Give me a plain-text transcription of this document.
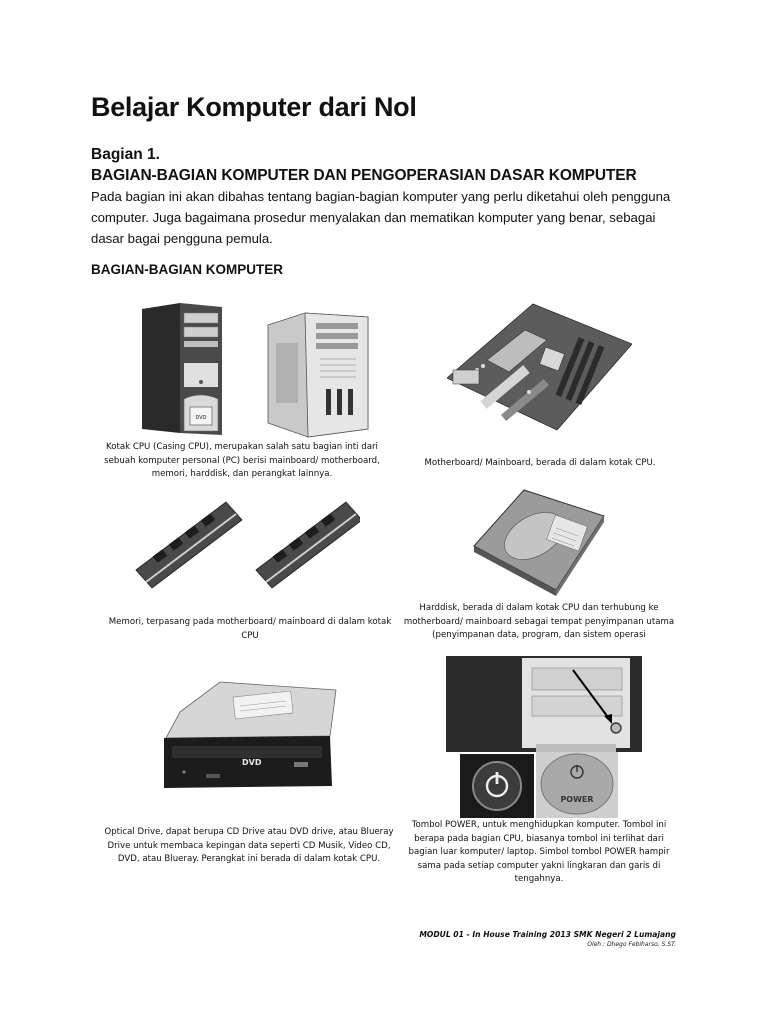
Belajar Komputer dari Nol
Bagian 1.
BAGIAN-BAGIAN KOMPUTER DAN PENGOPERASIAN DASAR KOMPUTER

Pada bagian ini akan dibahas tentang bagian-bagian komputer yang perlu diketahui oleh pengguna computer. Juga bagaimana prosedur menyalakan dan mematikan komputer yang benar, sebagai dasar bagai pengguna pemula.

BAGIAN-BAGIAN KOMPUTER
DVD
Kotak CPU (Casing CPU), merupakan salah satu bagian inti dari sebuah komputer personal (PC) berisi mainboard/ motherboard, memori, harddisk, dan perangkat lainnya.
Motherboard/ Mainboard, berada di dalam kotak CPU.
Memori, terpasang pada motherboard/ mainboard di dalam kotak CPU
Harddisk, berada di dalam kotak CPU dan terhubung ke motherboard/ mainboard sebagai tempat penyimpanan utama (penyimpanan data, program, dan sistem operasi
DVD
POWER
Optical Drive, dapat berupa CD Drive atau DVD drive, atau Blueray Drive untuk membaca kepingan data seperti CD Musik, Video CD, DVD, atau Blueray. Perangkat ini berada di dalam kotak CPU.
Tombol POWER, untuk menghidupkan komputer. Tombol ini berapa pada bagian CPU, biasanya tombol ini terlihat dari bagian luar komputer/ laptop. Simbol tombol POWER hampir sama pada setiap computer yakni lingkaran dan garis di tengahnya.
MODUL 01 - In House Training 2013 SMK Negeri 2 Lumajang
Oleh : Dhego Febiharso, S.ST.
